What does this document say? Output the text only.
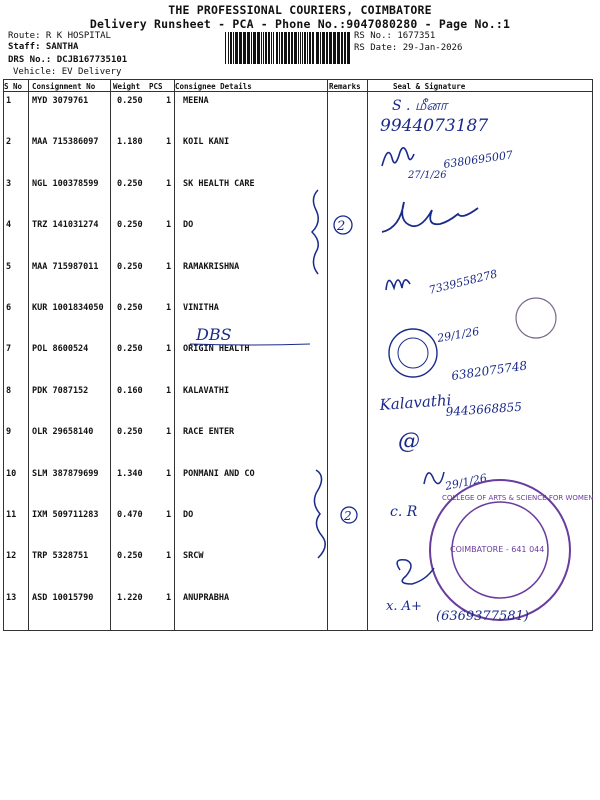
THE PROFESSIONAL COURIERS, COIMBATORE
Delivery Runsheet - PCA - Phone No.:9047080280 - Page No.:1
Route: R K HOSPITAL
Staff: SANTHA
DRS No.: DCJB167735101
Vehicle: EV Delivery
RS No.: 1677351
RS Date: 29-Jan-2026
S No Consignment No Weight PCS Consignee Details	Remarks	Seal & Signature
1 MYD 3079761	0.250	1 MEENA
2 MAA 715386097 1.180	1 KOIL KANI
3 NGL 100378599 0.250	1 SK HEALTH CARE
4 TRZ 141031274 0.250	1 DO
5 MAA 715987011 0.250	1 RAMAKRISHNA
6 KUR 1001834050 0.250	1 VINITHA
7 POL 8600524	0.250	1 ORIGIN HEALTH
8 PDK 7087152	0.160	1 KALAVATHI
9 OLR 29658140	0.250	1 RACE ENTER
10 SLM 387879699 1.340	1 PONMANI AND CO
11 IXM 509711283 0.470	1 DO
12 TRP 5328751	0.250	1 SRCW
13 ASD 10015790	1.220	1 ANUPRABHA
S . மீனா
9944073187
27/1/26
6380695007
2
7339558278
DBS	29/1/26
6382075748
Kalavathi
9443668855
@
2	c. R
29/1/26
COIMBATORE - 641 044
COLLEGE OF ARTS & SCIENCE FOR WOMEN
x. A+
(6369377581)
